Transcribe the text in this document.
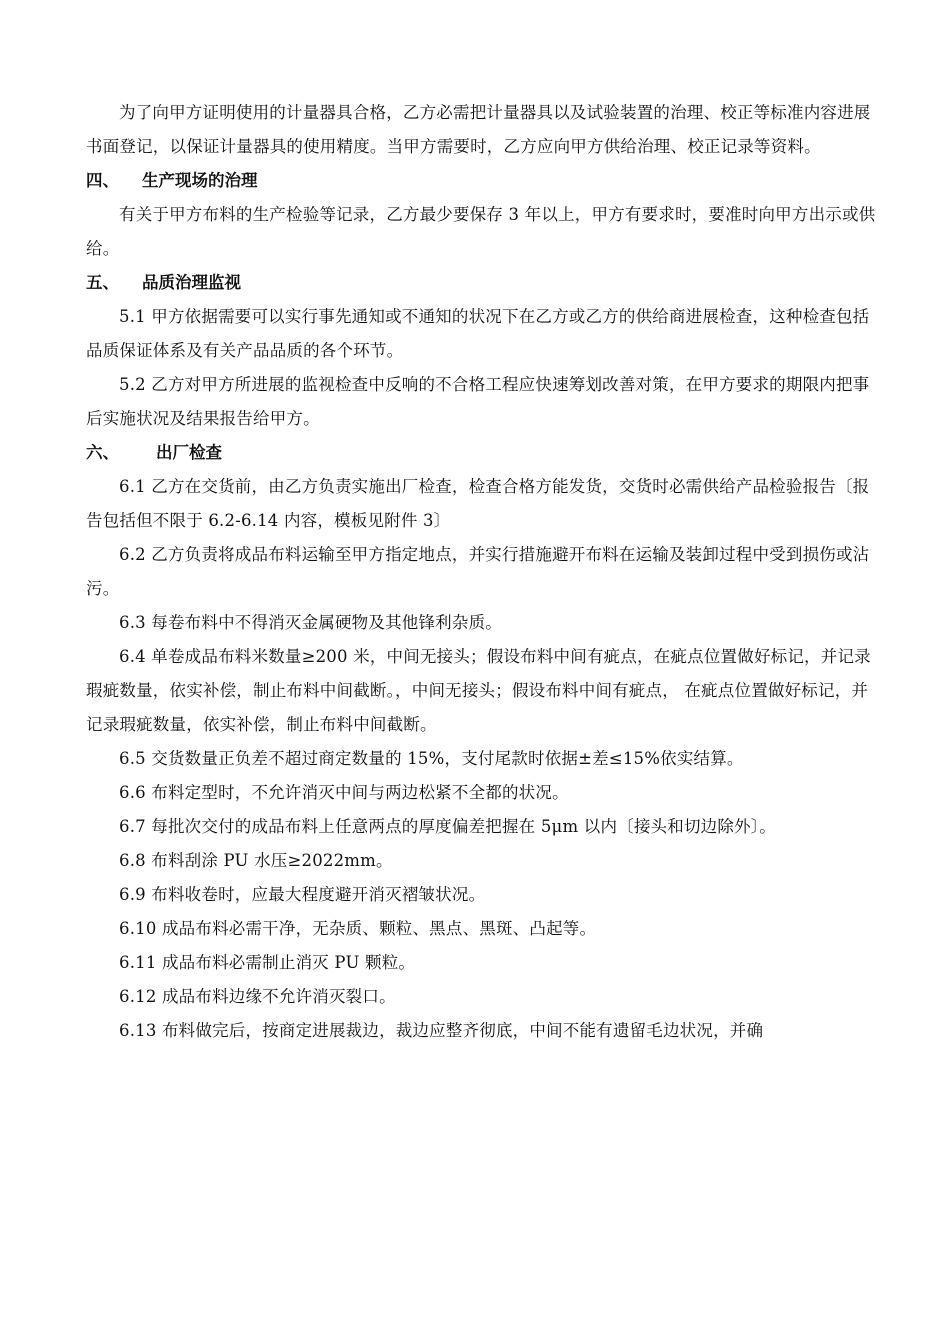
为了向甲方证明使用的计量器具合格，乙方必需把计量器具以及试验装置的治理、校正等标准内容进展书面登记，以保证计量器具的使用精度。当甲方需要时，乙方应向甲方供给治理、校正记录等资料。

四、 生产现场的治理

有关于甲方布料的生产检验等记录，乙方最少要保存 3 年以上，甲方有要求时，要准时向甲方出示或供给。

五、 品质治理监视

5.1 甲方依据需要可以实行事先通知或不通知的状况下在乙方或乙方的供给商进展检查，这种检查包括品质保证体系及有关产品品质的各个环节。

5.2 乙方对甲方所进展的监视检查中反响的不合格工程应快速筹划改善对策，在甲方要求的期限内把事后实施状况及结果报告给甲方。

六、 出厂检查

6.1 乙方在交货前，由乙方负责实施出厂检查，检查合格方能发货，交货时必需供给产品检验报告〔报告包括但不限于 6.2-6.14 内容，模板见附件 3〕

6.2 乙方负责将成品布料运输至甲方指定地点，并实行措施避开布料在运输及装卸过程中受到损伤或沾污。

6.3 每卷布料中不得消灭金属硬物及其他锋利杂质。

6.4 单卷成品布料米数量≥200 米，中间无接头；假设布料中间有疵点，在疵点位置做好标记，并记录瑕疵数量，依实补偿，制止布料中间截断。，中间无接头；假设布料中间有疵点， 在疵点位置做好标记，并记录瑕疵数量，依实补偿，制止布料中间截断。

6.5 交货数量正负差不超过商定数量的 15%，支付尾款时依据±差≤15%依实结算。

6.6 布料定型时，不允许消灭中间与两边松紧不全都的状况。

6.7 每批次交付的成品布料上任意两点的厚度偏差把握在 5μm 以内〔接头和切边除外〕。

6.8 布料刮涂 PU 水压≥2022mm。

6.9 布料收卷时，应最大程度避开消灭褶皱状况。

6.10 成品布料必需干净，无杂质、颗粒、黑点、黑斑、凸起等。

6.11 成品布料必需制止消灭 PU 颗粒。

6.12 成品布料边缘不允许消灭裂口。

6.13 布料做完后，按商定进展裁边，裁边应整齐彻底，中间不能有遗留毛边状况，并确
